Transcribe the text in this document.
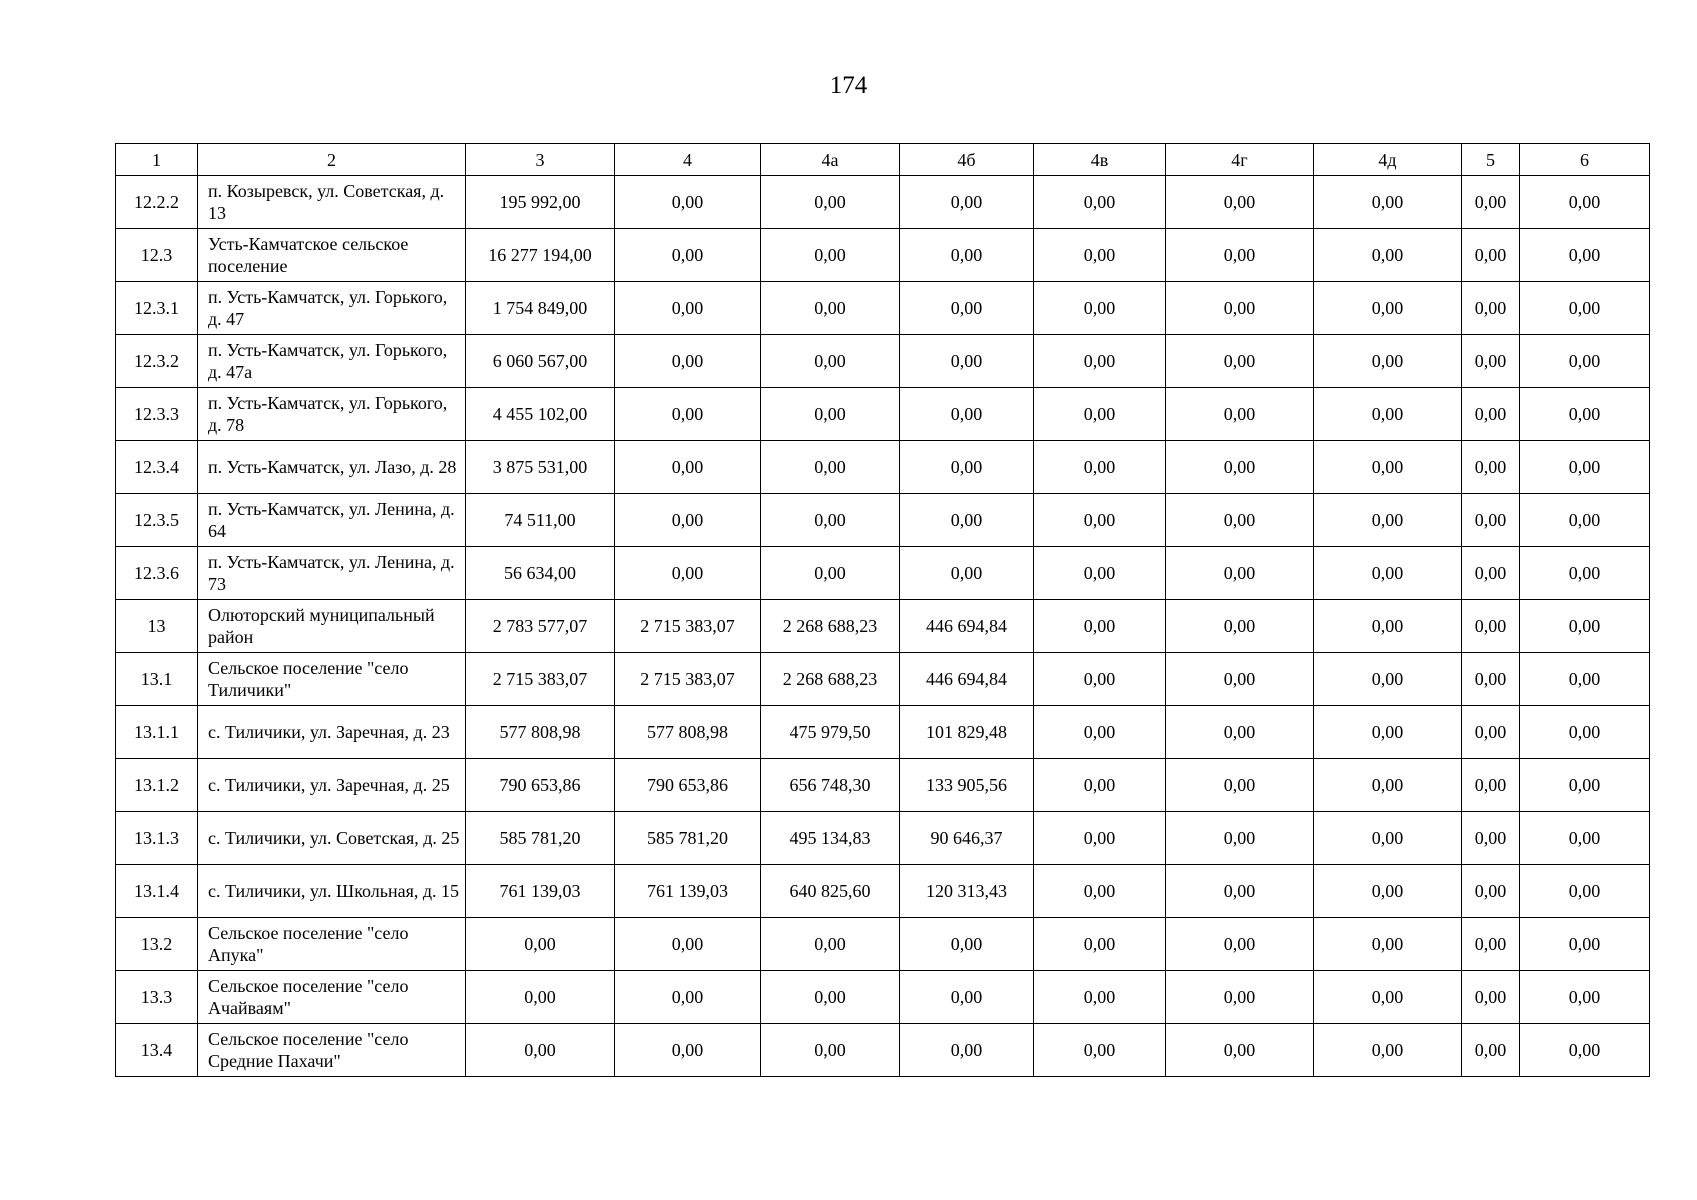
174
1	2	3	4	4а	4б	4в	4г	4д	5	6
12.2.2	п. Козыревск, ул. Советская, д. 13	195 992,00	0,00	0,00	0,00	0,00	0,00	0,00	0,00	0,00
12.3	Усть-Камчатское сельское поселение	16 277 194,00	0,00	0,00	0,00	0,00	0,00	0,00	0,00	0,00
12.3.1	п. Усть-Камчатск, ул. Горького, д. 47	1 754 849,00	0,00	0,00	0,00	0,00	0,00	0,00	0,00	0,00
12.3.2	п. Усть-Камчатск, ул. Горького, д. 47а	6 060 567,00	0,00	0,00	0,00	0,00	0,00	0,00	0,00	0,00
12.3.3	п. Усть-Камчатск, ул. Горького, д. 78	4 455 102,00	0,00	0,00	0,00	0,00	0,00	0,00	0,00	0,00
12.3.4	п. Усть-Камчатск, ул. Лазо, д. 28	3 875 531,00	0,00	0,00	0,00	0,00	0,00	0,00	0,00	0,00
12.3.5	п. Усть-Камчатск, ул. Ленина, д. 64	74 511,00	0,00	0,00	0,00	0,00	0,00	0,00	0,00	0,00
12.3.6	п. Усть-Камчатск, ул. Ленина, д. 73	56 634,00	0,00	0,00	0,00	0,00	0,00	0,00	0,00	0,00
13	Олюторский муниципальный район	2 783 577,07	2 715 383,07	2 268 688,23	446 694,84	0,00	0,00	0,00	0,00	0,00
13.1	Сельское поселение "село Тиличики"	2 715 383,07	2 715 383,07	2 268 688,23	446 694,84	0,00	0,00	0,00	0,00	0,00
13.1.1	с. Тиличики, ул. Заречная, д. 23	577 808,98	577 808,98	475 979,50	101 829,48	0,00	0,00	0,00	0,00	0,00
13.1.2	с. Тиличики, ул. Заречная, д. 25	790 653,86	790 653,86	656 748,30	133 905,56	0,00	0,00	0,00	0,00	0,00
13.1.3	с. Тиличики, ул. Советская, д. 25	585 781,20	585 781,20	495 134,83	90 646,37	0,00	0,00	0,00	0,00	0,00
13.1.4	с. Тиличики, ул. Школьная, д. 15	761 139,03	761 139,03	640 825,60	120 313,43	0,00	0,00	0,00	0,00	0,00
13.2	Сельское поселение "село Апука"	0,00	0,00	0,00	0,00	0,00	0,00	0,00	0,00	0,00
13.3	Сельское поселение "село Ачайваям"	0,00	0,00	0,00	0,00	0,00	0,00	0,00	0,00	0,00
13.4	Сельское поселение "село Средние Пахачи"	0,00	0,00	0,00	0,00	0,00	0,00	0,00	0,00	0,00
